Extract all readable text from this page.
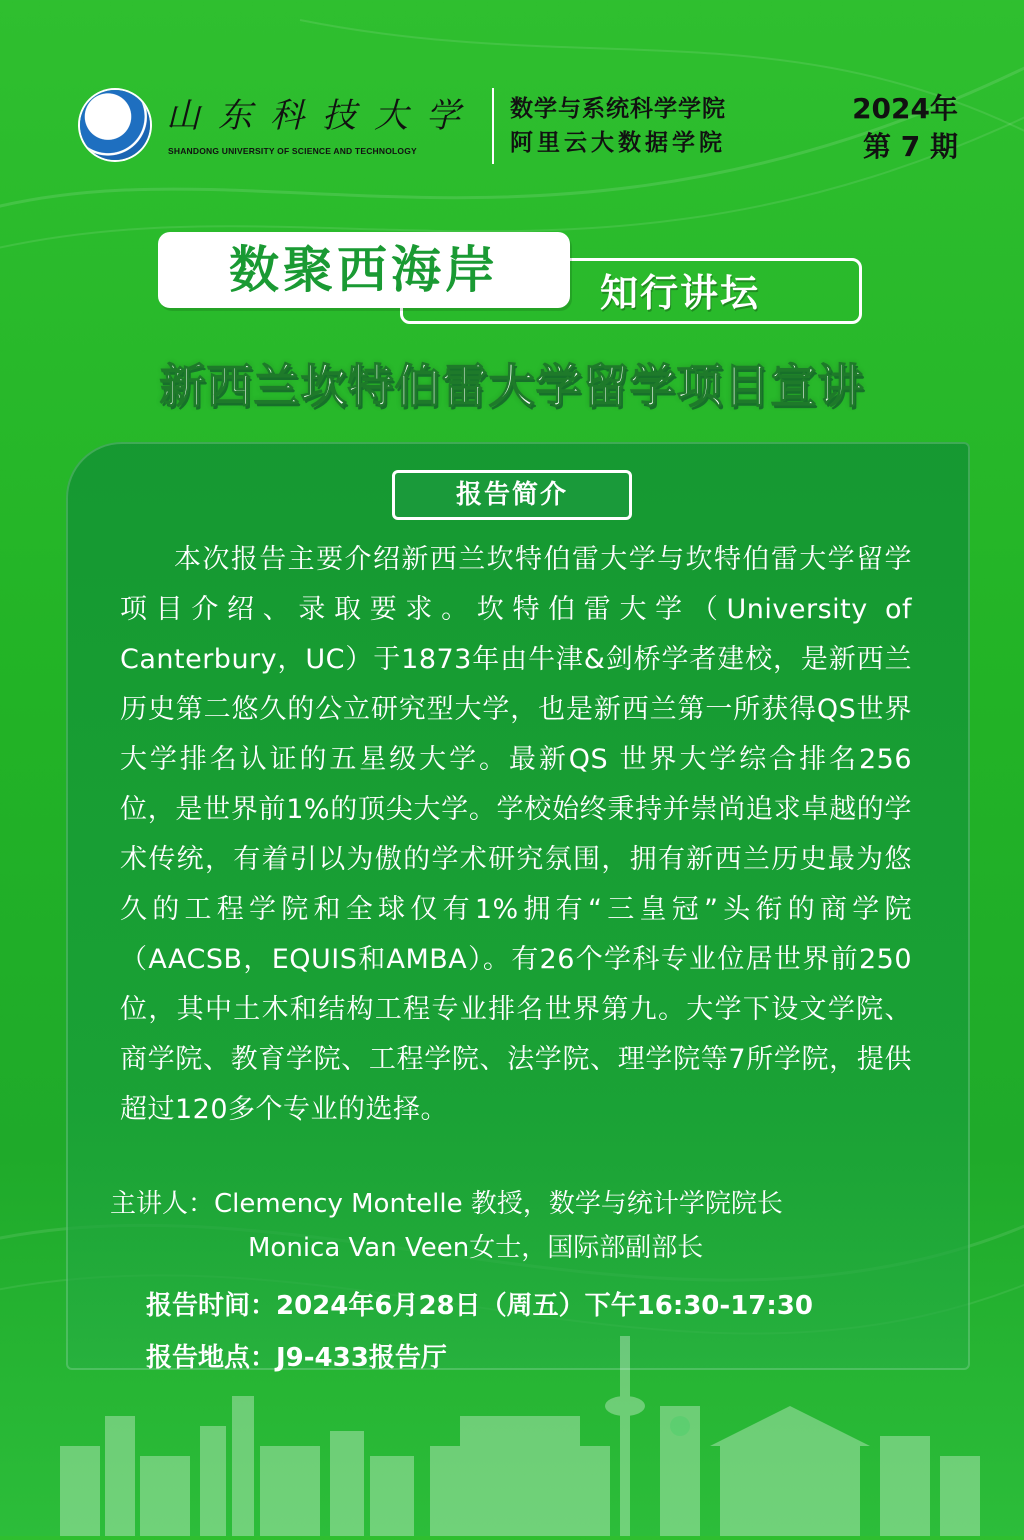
山东科技大学
SHANDONG UNIVERSITY OF SCIENCE AND TECHNOLOGY
数学与系统科学学院
阿里云大数据学院
2024年
第 7 期
数聚西海岸	知行讲坛
新西兰坎特伯雷大学留学项目宣讲
报告简介
本次报告主要介绍新西兰坎特伯雷大学与坎特伯雷大学留学项目介绍、录取要求。坎特伯雷大学（University of Canterbury，UC）于1873年由牛津&剑桥学者建校，是新西兰历史第二悠久的公立研究型大学，也是新西兰第一所获得QS世界大学排名认证的五星级大学。最新QS 世界大学综合排名256 位，是世界前1%的顶尖大学。学校始终秉持并崇尚追求卓越的学术传统，有着引以为傲的学术研究氛围，拥有新西兰历史最为悠久的工程学院和全球仅有1%拥有“三皇冠”头衔的商学院（AACSB，EQUIS和AMBA）。有26个学科专业位居世界前250位，其中土木和结构工程专业排名世界第九。大学下设文学院、商学院、教育学院、工程学院、法学院、理学院等7所学院，提供超过120多个专业的选择。
主讲人：Clemency Montelle 教授，数学与统计学院院长
Monica Van Veen女士，国际部副部长
报告时间：2024年6月28日（周五）下午16:30-17:30
报告地点：J9-433报告厅
